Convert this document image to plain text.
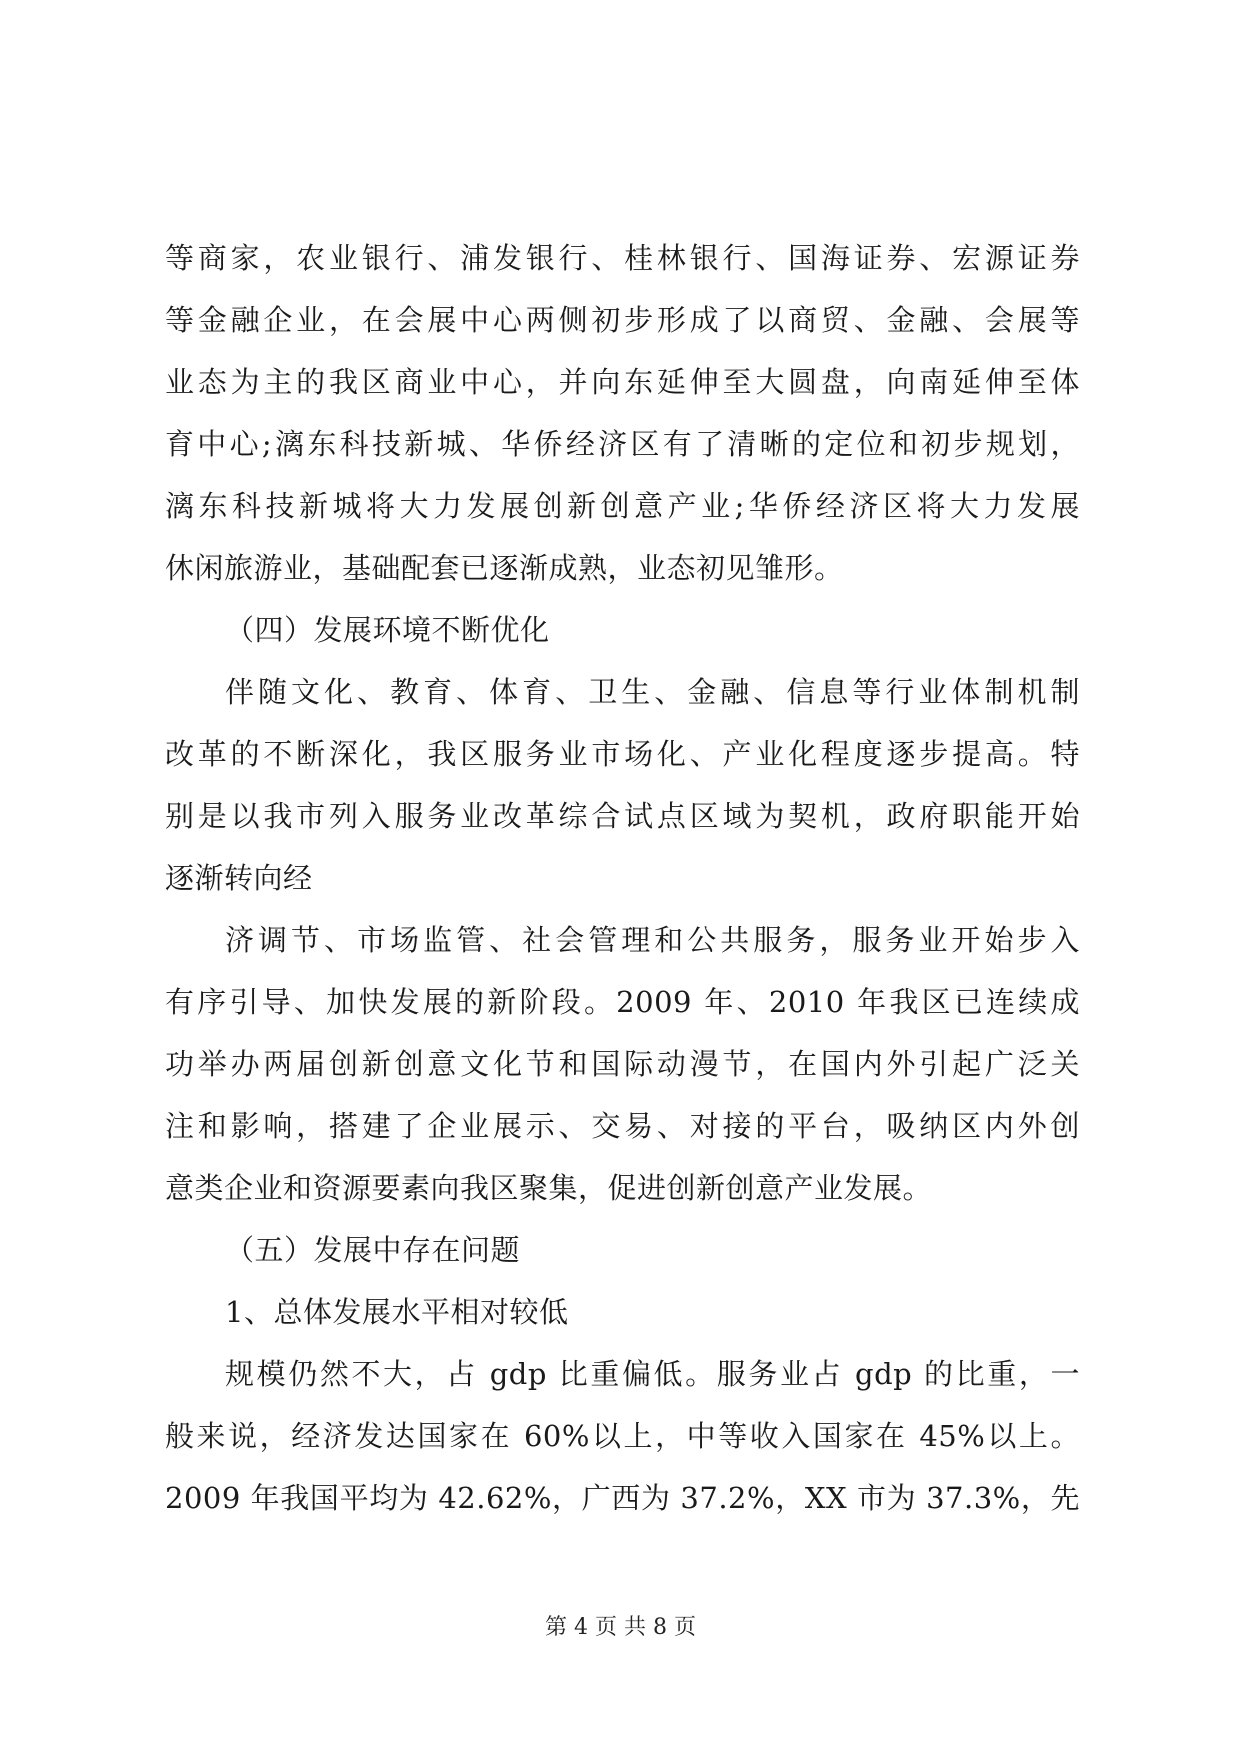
等商家，农业银行、浦发银行、桂林银行、国海证券、宏源证券
等金融企业，在会展中心两侧初步形成了以商贸、金融、会展等
业态为主的我区商业中心，并向东延伸至大圆盘，向南延伸至体
育中心;漓东科技新城、华侨经济区有了清晰的定位和初步规划，
漓东科技新城将大力发展创新创意产业;华侨经济区将大力发展
休闲旅游业，基础配套已逐渐成熟，业态初见雏形。
（四）发展环境不断优化
伴随文化、教育、体育、卫生、金融、信息等行业体制机制
改革的不断深化，我区服务业市场化、产业化程度逐步提高。特
别是以我市列入服务业改革综合试点区域为契机，政府职能开始
逐渐转向经
济调节、市场监管、社会管理和公共服务，服务业开始步入
有序引导、加快发展的新阶段。2009 年、2010 年我区已连续成
功举办两届创新创意文化节和国际动漫节，在国内外引起广泛关
注和影响，搭建了企业展示、交易、对接的平台，吸纳区内外创
意类企业和资源要素向我区聚集，促进创新创意产业发展。
（五）发展中存在问题
1、总体发展水平相对较低
规模仍然不大，占 gdp 比重偏低。服务业占 gdp 的比重，一
般来说，经济发达国家在 60%以上，中等收入国家在 45%以上。
2009 年我国平均为 42.62%，广西为 37.2%，XX 市为 37.3%，先
第 4 页 共 8 页
